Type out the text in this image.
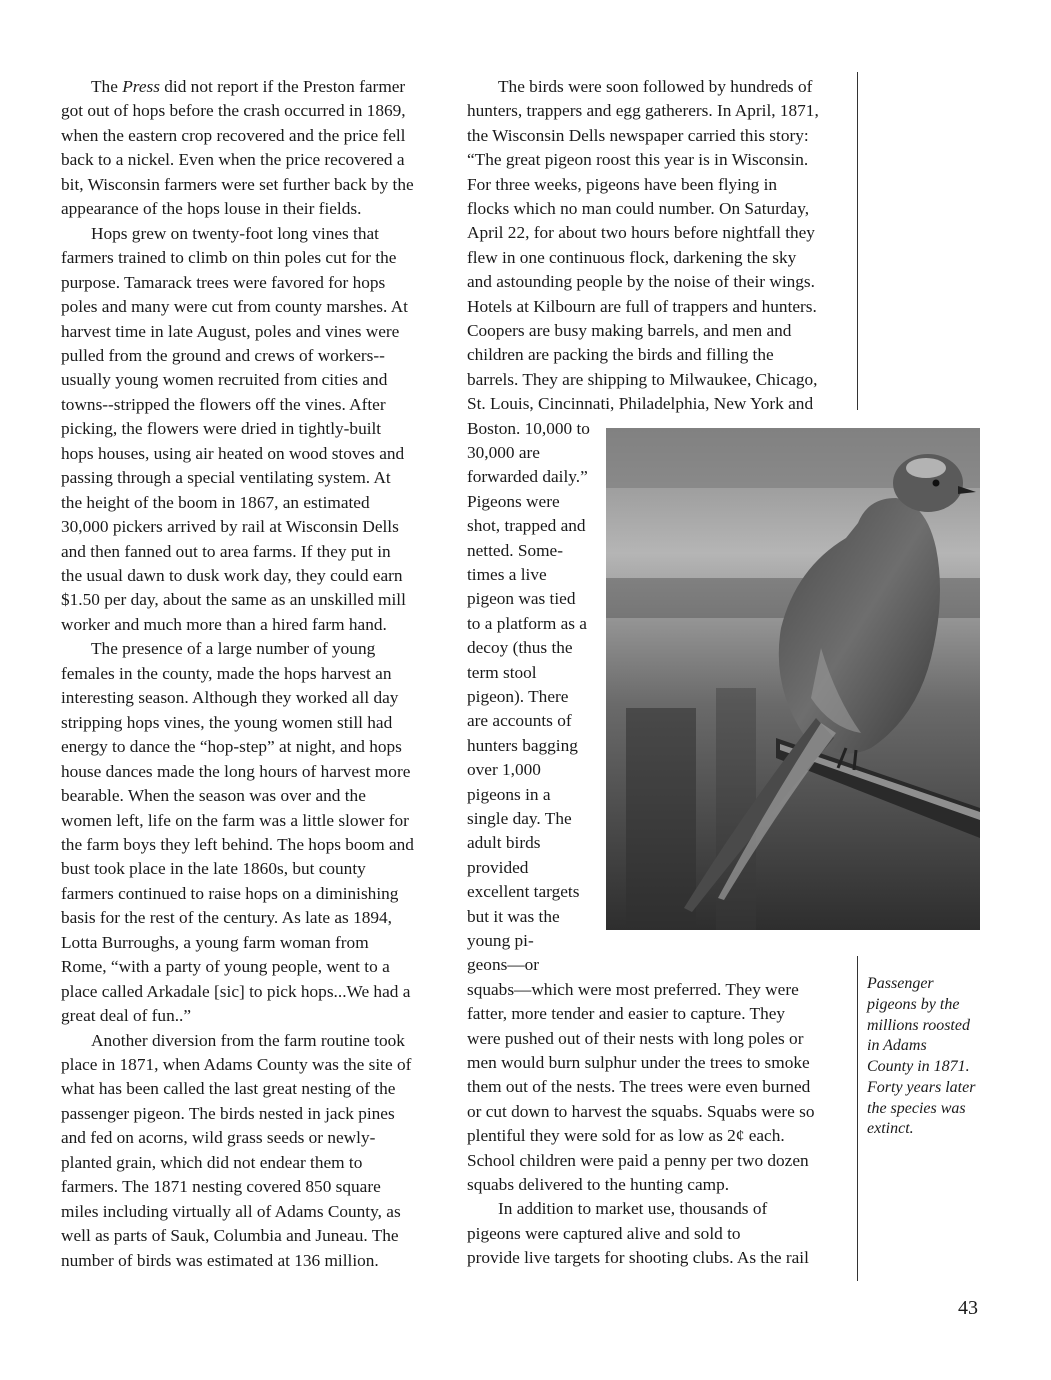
The Press did not report if the Preston farmer

got out of hops before the crash occurred in 1869,

when the eastern crop recovered and the price fell

back to a nickel. Even when the price recovered a

bit, Wisconsin farmers were set further back by the

appearance of the hops louse in their fields.

Hops grew on twenty-foot long vines that

farmers trained to climb on thin poles cut for the

purpose. Tamarack trees were favored for hops

poles and many were cut from county marshes. At

harvest time in late August, poles and vines were

pulled from the ground and crews of workers--

usually young women recruited from cities and

towns--stripped the flowers off the vines. After

picking, the flowers were dried in tightly-built

hops houses, using air heated on wood stoves and

passing through a special ventilating system. At

the height of the boom in 1867, an estimated

30,000 pickers arrived by rail at Wisconsin Dells

and then fanned out to area farms. If they put in

the usual dawn to dusk work day, they could earn

$1.50 per day, about the same as an unskilled mill

worker and much more than a hired farm hand.

The presence of a large number of young

females in the county, made the hops harvest an

interesting season. Although they worked all day

stripping hops vines, the young women still had

energy to dance the “hop-step” at night, and hops

house dances made the long hours of harvest more

bearable. When the season was over and the

women left, life on the farm was a little slower for

the farm boys they left behind. The hops boom and

bust took place in the late 1860s, but county

farmers continued to raise hops on a diminishing

basis for the rest of the century. As late as 1894,

Lotta Burroughs, a young farm woman from

Rome, “with a party of young people, went to a

place called Arkadale [sic] to pick hops...We had a

great deal of fun..”

Another diversion from the farm routine took

place in 1871, when Adams County was the site of

what has been called the last great nesting of the

passenger pigeon. The birds nested in jack pines

and fed on acorns, wild grass seeds or newly-

planted grain, which did not endear them to

farmers. The 1871 nesting covered 850 square

miles including virtually all of Adams County, as

well as parts of Sauk, Columbia and Juneau. The

number of birds was estimated at 136 million.

The birds were soon followed by hundreds of

hunters, trappers and egg gatherers. In April, 1871,

the Wisconsin Dells newspaper carried this story:

“The great pigeon roost this year is in Wisconsin.

For three weeks, pigeons have been flying in

flocks which no man could number. On Saturday,

April 22, for about two hours before nightfall they

flew in one continuous flock, darkening the sky

and astounding people by the noise of their wings.

Hotels at Kilbourn are full of trappers and hunters.

Coopers are busy making barrels, and men and

children are packing the birds and filling the

barrels. They are shipping to Milwaukee, Chicago,

St. Louis, Cincinnati, Philadelphia, New York and

Boston. 10,000 to

30,000 are

forwarded daily.”

Pigeons were

shot, trapped and

netted. Some-

times a live

pigeon was tied

to a platform as a

decoy (thus the

term stool

pigeon). There

are accounts of

hunters bagging

over 1,000

pigeons in a

single day. The

adult birds

provided

excellent targets

but it was the

young pi-

geons—or

squabs—which were most preferred. They were

fatter, more tender and easier to capture. They

were pushed out of their nests with long poles or

men would burn sulphur under the trees to smoke

them out of the nests. The trees were even burned

or cut down to harvest the squabs. Squabs were so

plentiful they were sold for as low as 2¢ each.

School children were paid a penny per two dozen

squabs delivered to the hunting camp.

In addition to market use, thousands of

pigeons were captured alive and sold to

provide live targets for shooting clubs. As the rail

Passenger

pigeons by the

millions roosted

in Adams

County in 1871.

Forty years later

the species was

extinct.

43
